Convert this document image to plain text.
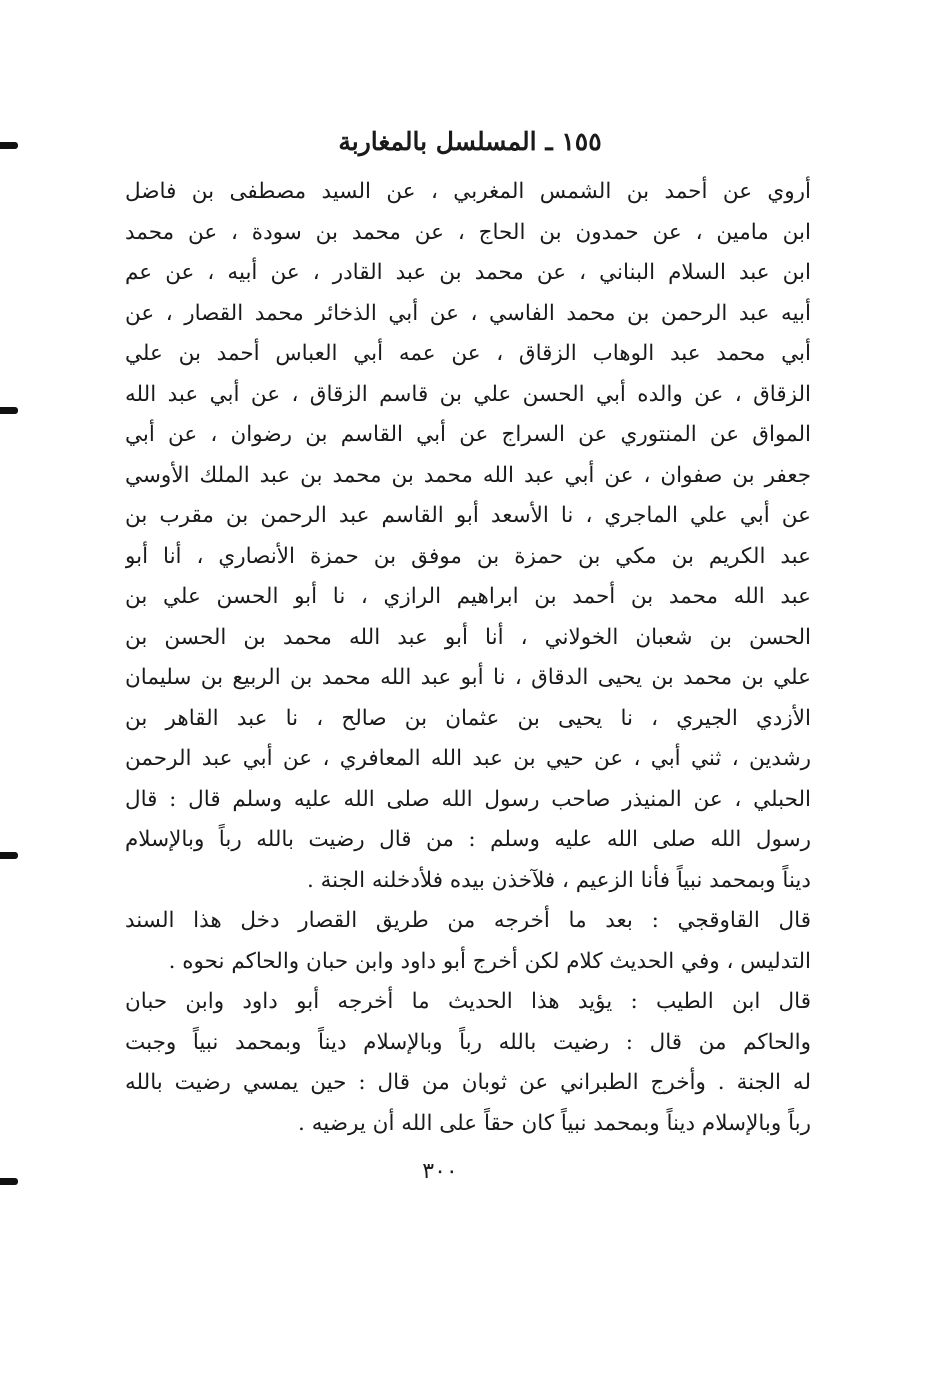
١٥٥ ـ المسلسل بالمغاربة
أروي عن أحمد بن الشمس المغربي ، عن السيد مصطفى بن فاضل
ابن مامين ، عن حمدون بن الحاج ، عن محمد بن سودة ، عن محمد
ابن عبد السلام البناني ، عن محمد بن عبد القادر ، عن أبيه ، عن عم
أبيه عبد الرحمن بن محمد الفاسي ، عن أبي الذخائر محمد القصار ، عن
أبي محمد عبد الوهاب الزقاق ، عن عمه أبي العباس أحمد بن علي
الزقاق ، عن والده أبي الحسن علي بن قاسم الزقاق ، عن أبي عبد الله
المواق عن المنتوري عن السراج عن أبي القاسم بن رضوان ، عن أبي
جعفر بن صفوان ، عن أبي عبد الله محمد بن محمد بن عبد الملك الأوسي
عن أبي علي الماجري ، نا الأسعد أبو القاسم عبد الرحمن بن مقرب بن
عبد الكريم بن مكي بن حمزة بن موفق بن حمزة الأنصاري ، أنا أبو
عبد الله محمد بن أحمد بن ابراهيم الرازي ، نا أبو الحسن علي بن
الحسن بن شعبان الخولاني ، أنا أبو عبد الله محمد بن الحسن بن
علي بن محمد بن يحيى الدقاق ، نا أبو عبد الله محمد بن الربيع بن سليمان
الأزدي الجيري ، نا يحيى بن عثمان بن صالح ، نا عبد القاهر بن
رشدين ، ثني أبي ، عن حيي بن عبد الله المعافري ، عن أبي عبد الرحمن
الحبلي ، عن المنيذر صاحب رسول الله صلى الله عليه وسلم قال : قال
رسول الله صلى الله عليه وسلم : من قال رضيت بالله رباً وبالإسلام
ديناً وبمحمد نبياً فأنا الزعيم ، فلآخذن بيده فلأدخلنه الجنة .
قال القاوقجي : بعد ما أخرجه من طريق القصار دخل هذا السند
التدليس ، وفي الحديث كلام لكن أخرج أبو داود وابن حبان والحاكم نحوه .
قال ابن الطيب : يؤيد هذا الحديث ما أخرجه أبو داود وابن حبان
والحاكم من قال : رضيت بالله رباً وبالإسلام ديناً وبمحمد نبياً وجبت
له الجنة . وأخرج الطبراني عن ثوبان من قال : حين يمسي رضيت بالله
رباً وبالإسلام ديناً وبمحمد نبياً كان حقاً على الله أن يرضيه .
٣٠٠
